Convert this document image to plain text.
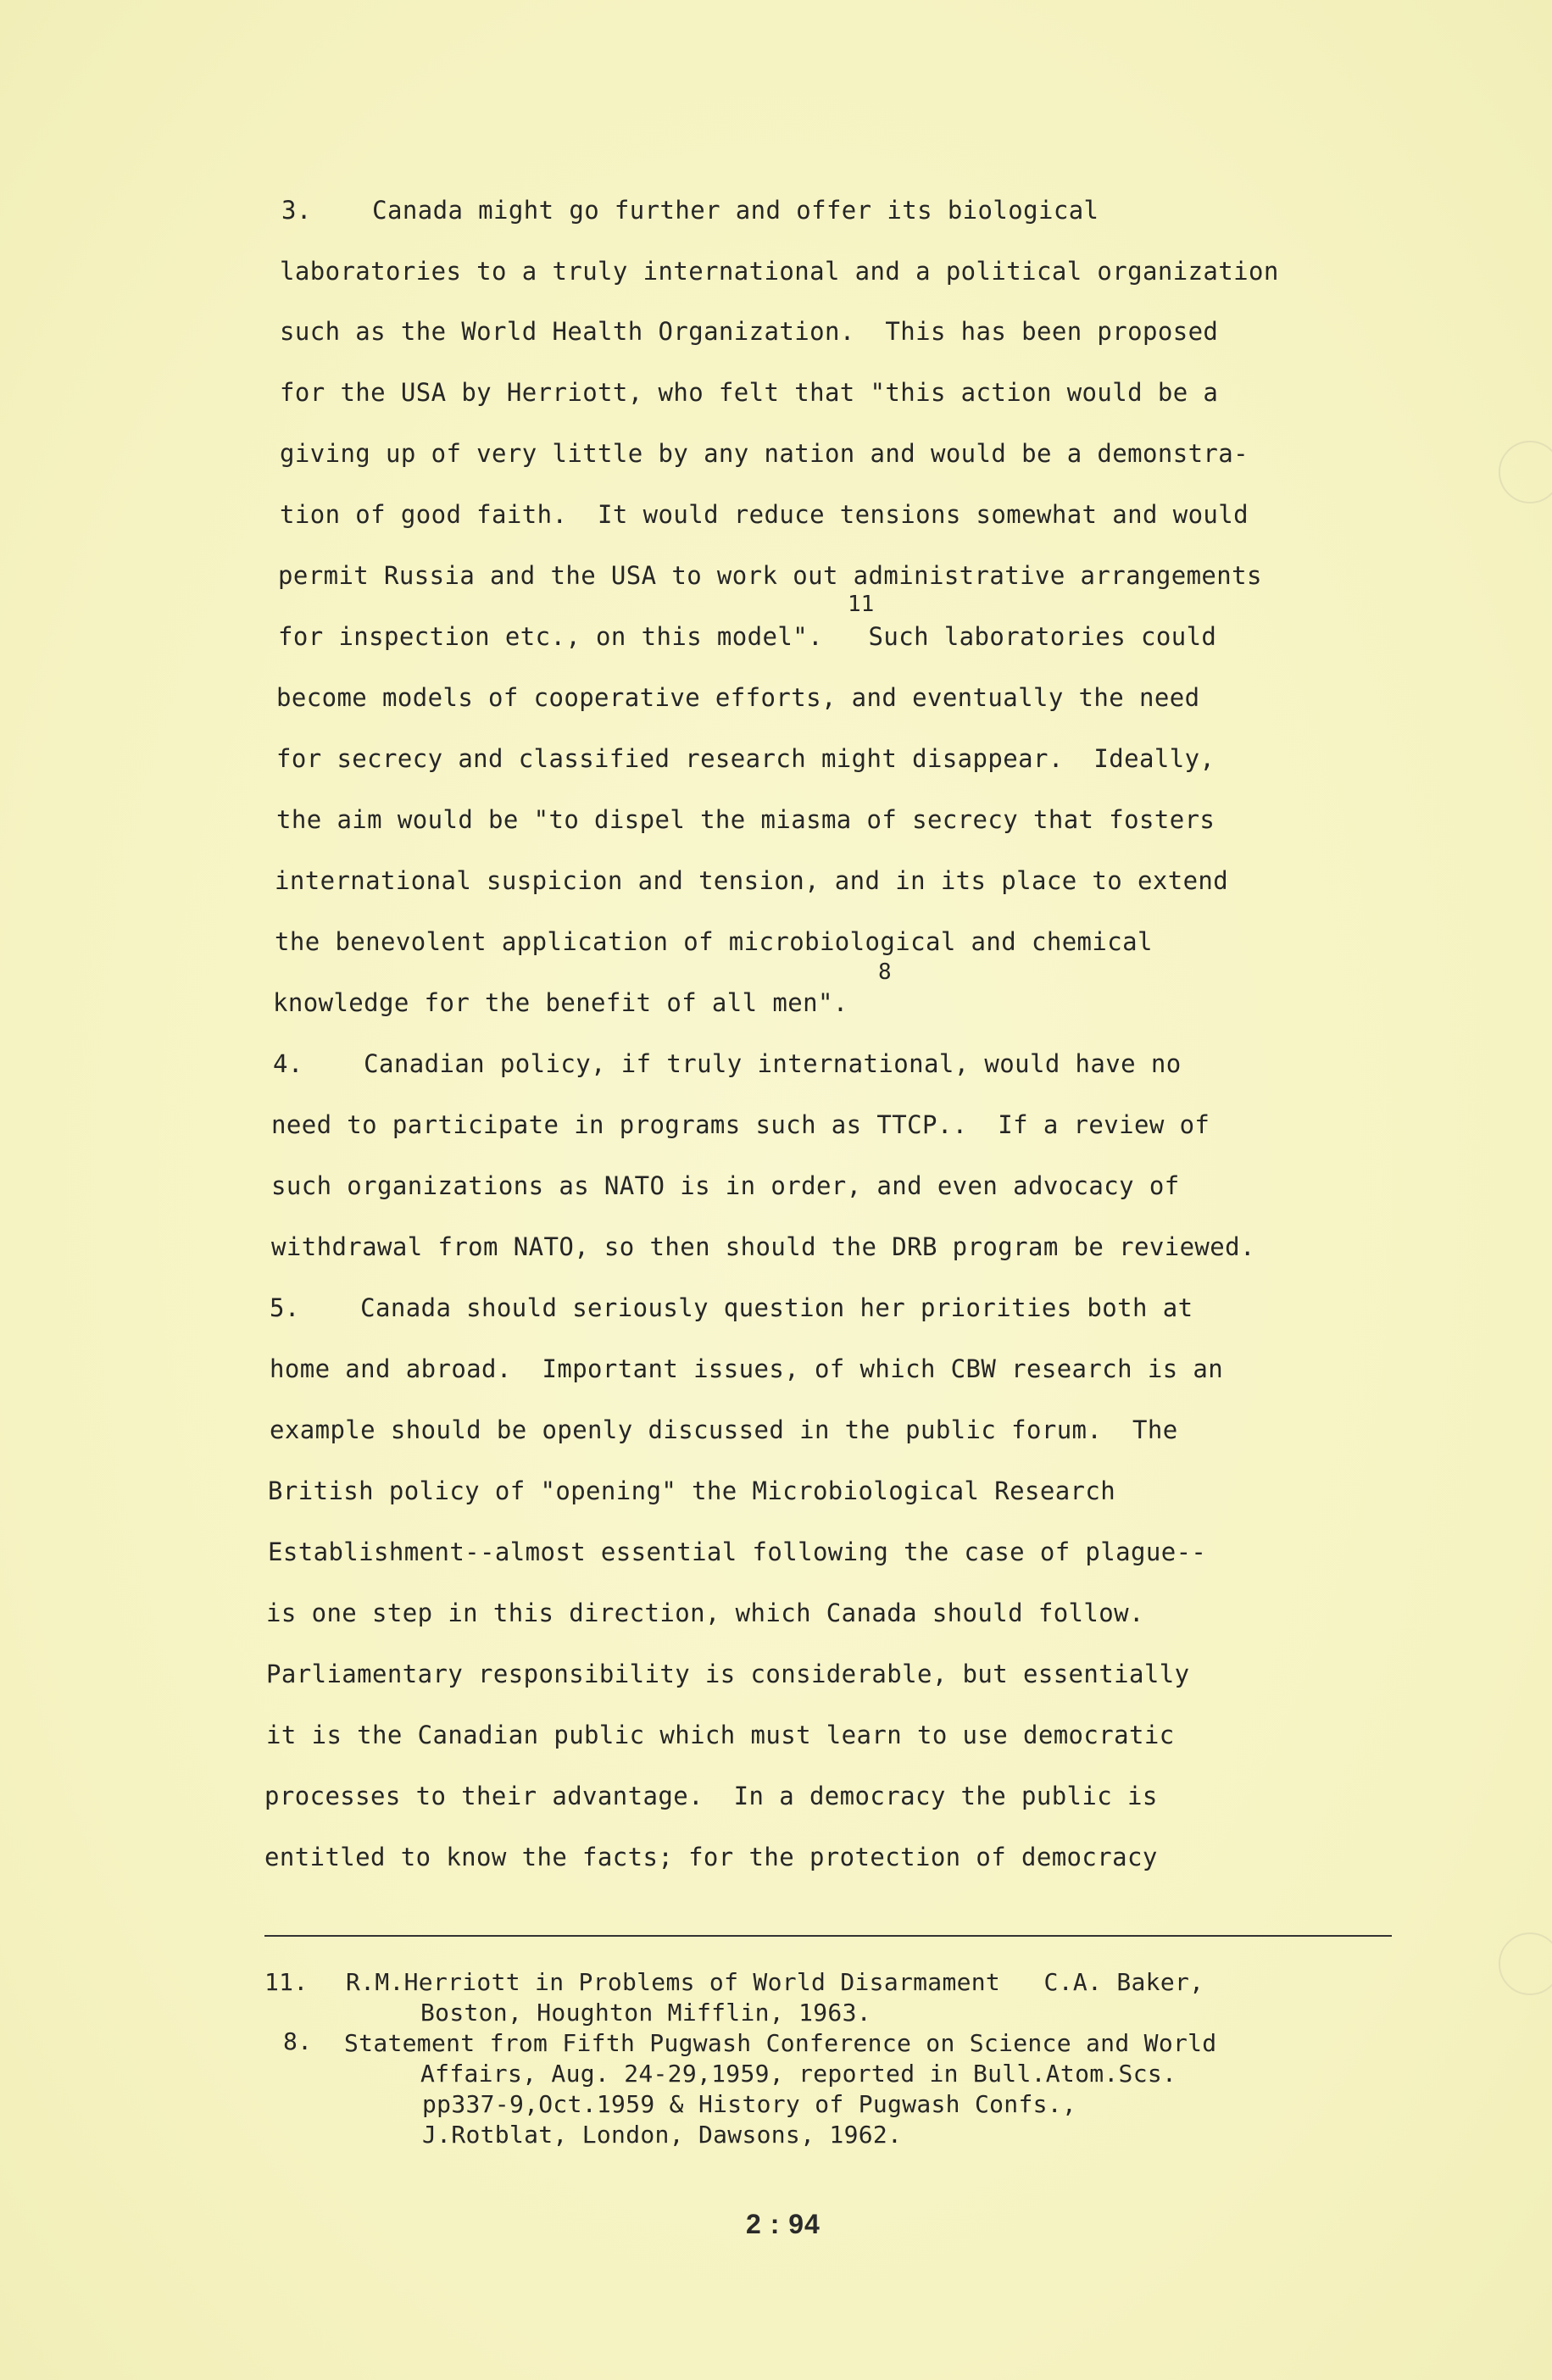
3.    Canada might go further and offer its biological
laboratories to a truly international and a political organization
such as the World Health Organization.  This has been proposed
for the USA by Herriott, who felt that "this action would be a
giving up of very little by any nation and would be a demonstra-
tion of good faith.  It would reduce tensions somewhat and would
permit Russia and the USA to work out administrative arrangements
11
for inspection etc., on this model".   Such laboratories could
become models of cooperative efforts, and eventually the need
for secrecy and classified research might disappear.  Ideally,
the aim would be "to dispel the miasma of secrecy that fosters
international suspicion and tension, and in its place to extend
the benevolent application of microbiological and chemical
8
knowledge for the benefit of all men".
4.    Canadian policy, if truly international, would have no
need to participate in programs such as TTCP..  If a review of
such organizations as NATO is in order, and even advocacy of
withdrawal from NATO, so then should the DRB program be reviewed.
5.    Canada should seriously question her priorities both at
home and abroad.  Important issues, of which CBW research is an
example should be openly discussed in the public forum.  The
British policy of "opening" the Microbiological Research
Establishment--almost essential following the case of plague--
is one step in this direction, which Canada should follow.
Parliamentary responsibility is considerable, but essentially
it is the Canadian public which must learn to use democratic
processes to their advantage.  In a democracy the public is
entitled to know the facts; for the protection of democracy
11. R.M.Herriott in Problems of World Disarmament   C.A. Baker,
Boston, Houghton Mifflin, 1963.
8. Statement from Fifth Pugwash Conference on Science and World
Affairs, Aug. 24-29,1959, reported in Bull.Atom.Scs.
pp337-9,Oct.1959 & History of Pugwash Confs.,
J.Rotblat, London, Dawsons, 1962.
2 : 94
